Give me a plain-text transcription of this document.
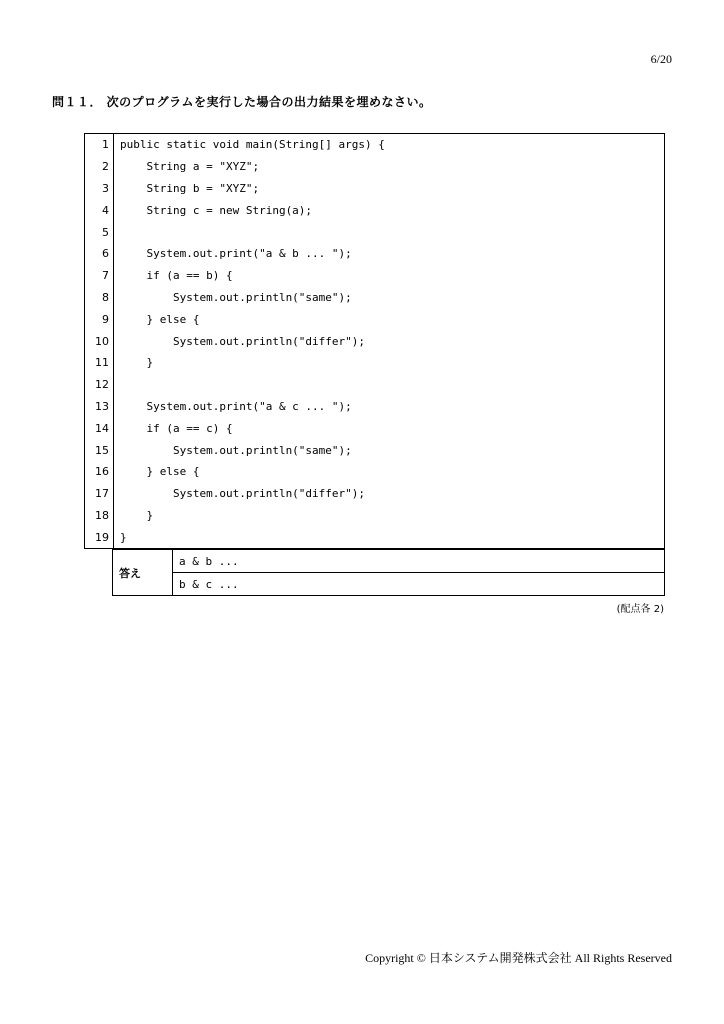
6/20
問１１． 次のプログラムを実行した場合の出力結果を埋めなさい。
1	public static void main(String[] args) {
2	String a = "XYZ";
3	String b = "XYZ";
4	String c = new String(a);
5	
6	System.out.print("a & b ... ");
7	if (a == b) {
8	System.out.println("same");
9	} else {
10	System.out.println("differ");
11	}
12	
13	System.out.print("a & c ... ");
14	if (a == c) {
15	System.out.println("same");
16	} else {
17	System.out.println("differ");
18	}
19	}
答え	a & b ...
b & c ...
(配点各 2)
Copyright © 日本システム開発株式会社 All Rights Reserved
